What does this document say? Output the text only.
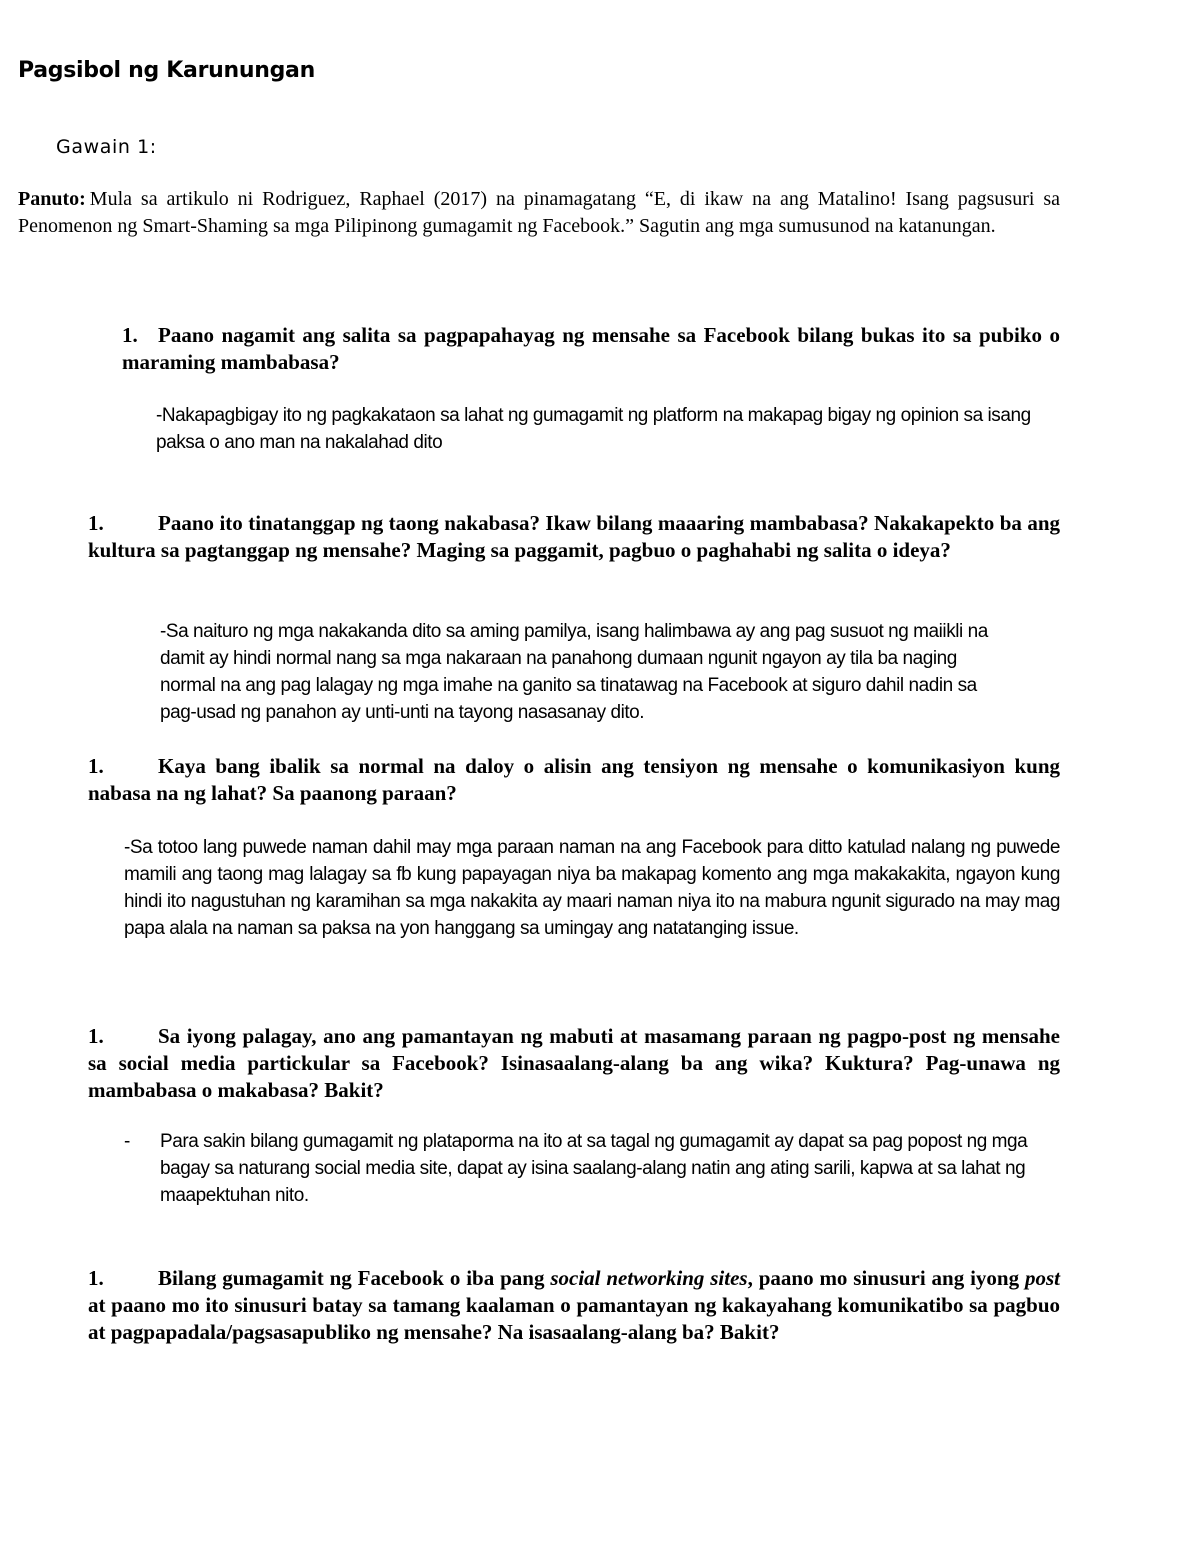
Pagsibol ng Karunungan
Gawain 1:
Panuto: Mula sa artikulo ni Rodriguez, Raphael (2017) na pinamagatang “E, di ikaw na ang Matalino! Isang pagsusuri sa Penomenon ng Smart-Shaming sa mga Pilipinong gumagamit ng Facebook.” Sagutin ang mga sumusunod na katanungan.
1. Paano nagamit ang salita sa pagpapahayag ng mensahe sa Facebook bilang bukas ito sa pubiko o maraming mambabasa?
-Nakapagbigay ito ng pagkakataon sa lahat ng gumagamit ng platform na makapag bigay ng opinion sa isang paksa o ano man na nakalahad dito
1.	Paano ito tinatanggap ng taong nakabasa? Ikaw bilang maaaring mambabasa? Nakakapekto ba ang kultura sa pagtanggap ng mensahe? Maging sa paggamit, pagbuo o paghahabi ng salita o ideya?
-Sa naituro ng mga nakakanda dito sa aming pamilya, isang halimbawa ay ang pag susuot ng maiikli na
damit ay hindi normal nang sa mga nakaraan na panahong dumaan ngunit ngayon ay tila ba naging
normal na ang pag lalagay ng mga imahe na ganito sa tinatawag na Facebook at siguro dahil nadin sa
pag-usad ng panahon ay unti-unti na tayong nasasanay dito.
1.	Kaya bang ibalik sa normal na daloy o alisin ang tensiyon ng mensahe o komunikasiyon kung nabasa na ng lahat? Sa paanong paraan?
-Sa totoo lang puwede naman dahil may mga paraan naman na ang Facebook para ditto katulad nalang ng puwede mamili ang taong mag lalagay sa fb kung papayagan niya ba makapag komento ang mga makakakita, ngayon kung hindi ito nagustuhan ng karamihan sa mga nakakita ay maari naman niya ito na mabura ngunit sigurado na may mag papa alala na naman sa paksa na yon hanggang sa umingay ang natatanging issue.
1.	Sa iyong palagay, ano ang pamantayan ng mabuti at masamang paraan ng pagpo-post ng mensahe sa social media partickular sa Facebook? Isinasaalang-alang ba ang wika? Kuktura? Pag-unawa ng mambabasa o makabasa? Bakit?
-	Para sakin bilang gumagamit ng plataporma na ito at sa tagal ng gumagamit ay dapat sa pag popost ng mga bagay sa naturang social media site, dapat ay isina saalang-alang natin ang ating sarili, kapwa at sa lahat ng maapektuhan nito.
1.	Bilang gumagamit ng Facebook o iba pang social networking sites, paano mo sinusuri ang iyong post at paano mo ito sinusuri batay sa tamang kaalaman o pamantayan ng kakayahang komunikatibo sa pagbuo at pagpapadala/pagsasapubliko ng mensahe? Na isasaalang-alang ba? Bakit?
